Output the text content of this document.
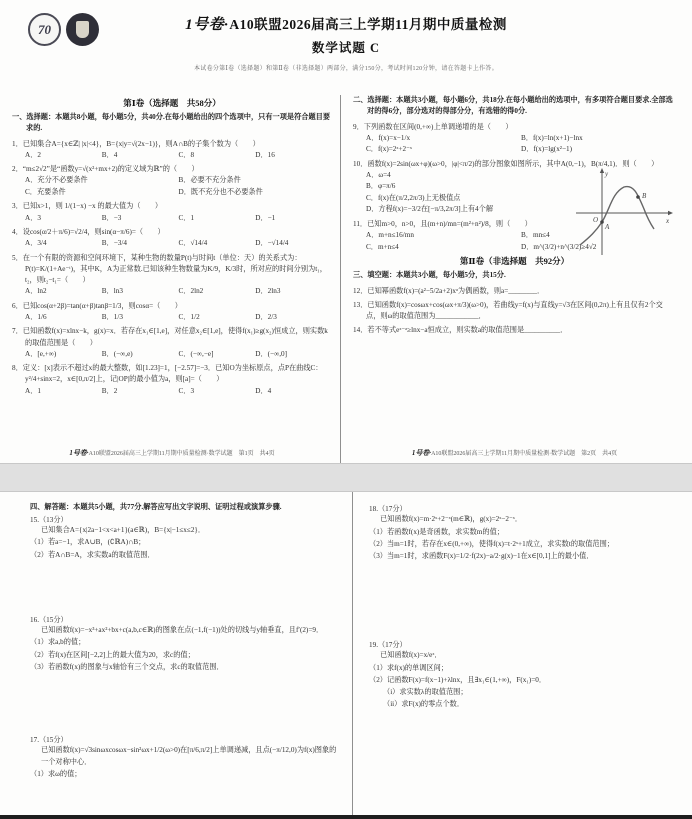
70	1号卷·A10联盟2026届高三上学期11月期中质量检测
数学试题 C
本试卷分第Ⅰ卷（选择题）和第Ⅱ卷（非选择题）两部分，满分150分，考试时间120分钟，请在答题卡上作答。
第Ⅰ卷（选择题　共58分）
一、选择题：本题共8小题，每小题5分，共40分.在每小题给出的四个选项中，只有一项是符合题目要求的.
1．已知集合A={x∈ℤ| |x|<4}，B={x|y=√(2x−1)}，则A∩B的子集个数为（　　）
A．2	B．4	C．8	D．16
2．“m≤2√2”是“函数y=√(x²+mx+2)的定义域为ℝ”的（　　）
A．充分不必要条件	B．必要不充分条件
C．充要条件	D．既不充分也不必要条件
3．已知x>1，则 1/(1−x) −x 的最大值为（　　）
A．3	B．−3	C．1	D．−1
4．设cos(α/2＋π/6)=√2/4，则sin(α−π/6)=（　　）
A．3/4	B．−3/4	C．√14/4	D．−√14/4
5．在一个有限的资源和空间环境下，某种生物的数量P(t)与时间t（单位：天）的关系式为：P(t)=K/(1+Ae⁻ᵗ)，其中K，A为正常数.已知该种生物数量为K/9，K/3时，所对应的时间分别为t₁，t₂，则t₂−t₁=（　　）
A．ln2	B．ln3	C．2ln2	D．2ln3
6．已知cos(α+2β)=tan(α+β)tanβ=1/3，则cosα=（　　）
A．1/6	B．1/3	C．1/2	D．2/3
7．已知函数f(x)=xlnx−k，g(x)=x．若存在x₁∈[1,e]，对任意x₂∈[1,e]，使得f(x₁)≥g(x₂)恒成立，则实数k的取值范围是（　　）
A．[e,+∞)	B．(−∞,e)	C．(−∞,−e]	D．(−∞,0]
8．定义：[x]表示不超过x的最大整数，如[1.23]=1，[−2.57]=−3．已知O为坐标原点，点P在曲线C：y²/4+sinx=2，x∈[0,π/2]上，记|OP|的最小值为a，则[a]=（　　）
A．1	B．2	C．3	D．4
1号卷·A10联盟2026届高三上学期11月期中质量检测·数学试题　第1页　共4页
二、选择题：本题共3小题，每小题6分，共18分.在每小题给出的选项中，有多项符合题目要求.全部选对的得6分，部分选对的得部分分，有选错的得0分.
9．下列函数在区间(0,+∞)上单调递增的是（　　）
A．f(x)=x−1/x	B．f(x)=ln(x+1)−lnx
C．f(x)=2ˣ+2⁻ˣ	D．f(x)=lg(x²−1)
10．函数f(x)=2sin(ωx+φ)(ω>0，|φ|<π/2)的部分图象如图所示，其中A(0,−1)，B(π/4,1)．则（　　）
A．ω=4
B．φ=π/6
C．f(x)在(π/2,2π/3)上无极值点
D．方程f(x)=−3/2在[−π/3,2π/3]上有4个解
y
x
O
A
B
11．已知m>0，n>0，且(m+n)/mn=(m²+n²)/8，则（　　）
A．m+n≤16/mn	B．mn≤4
C．m+n≤4	D．m^(3/2)+n^(3/2)≥4√2
第Ⅱ卷（非选择题　共92分）
三、填空题：本题共3小题，每小题5分，共15分.
12．已知幂函数f(x)=(a²−5/2a+2)xᵃ为偶函数，则a=________．
13．已知函数f(x)=cosωx+cos(ωx+π/3)(ω>0)，若曲线y=f(x)与直线y=√3在区间(0,2π)上有且仅有2个交点，则ω的取值范围为____________．
14．若不等式eˣ⁻ᵃ≥lnx−a恒成立，则实数a的取值范围是__________．
1号卷·A10联盟2026届高三上学期11月期中质量检测·数学试题　第2页　共4页
四、解答题：本题共5小题，共77分.解答应写出文字说明、证明过程或演算步骤.
15.（13分）
已知集合A={x|2a−1<x<a+1}(a∈ℝ)，B={x|−1≤x≤2}．
（1）若a=−1，求A∪B，(∁ℝA)∩B；
（2）若A∩B=A，求实数a的取值范围．
16.（15分）
已知函数f(x)=−x³+ax²+bx+c(a,b,c∈ℝ)的图象在点(−1,f(−1))处的切线与y轴垂直，且f′(2)=9．
（1）求a,b的值；
（2）若f(x)在区间[−2,2]上的最大值为20，求c的值；
（3）若函数f(x)的图象与x轴恰有三个交点，求c的取值范围．
17.（15分）
已知函数f(x)=√3sinωxcosωx−sin²ωx+1/2(ω>0)在[π/6,π/2]上单调递减，且点(−π/12,0)为f(x)图象的一个对称中心．
（1）求ω的值；
18.（17分）
已知函数f(x)=m·2ˣ+2⁻ˣ(m∈ℝ)，g(x)=2ˣ−2⁻ˣ．
（1）若函数f(x)是奇函数，求实数m的值；
（2）当m=1时，若存在x∈(0,+∞)，使得f(x)=t·2ˣ+1成立，求实数t的取值范围；
（3）当m=1时，求函数F(x)=1/2·f(2x)−a/2·g(x)−1在x∈[0,1]上的最小值．
19.（17分）
已知函数f(x)=x/eˣ．
（1）求f(x)的单调区间；
（2）记函数F(x)=f(x−1)+λlnx，且∃x₁∈(1,+∞)，F(x₁)=0．
（i）求实数λ的取值范围；
（ii）求F(x)的零点个数．
